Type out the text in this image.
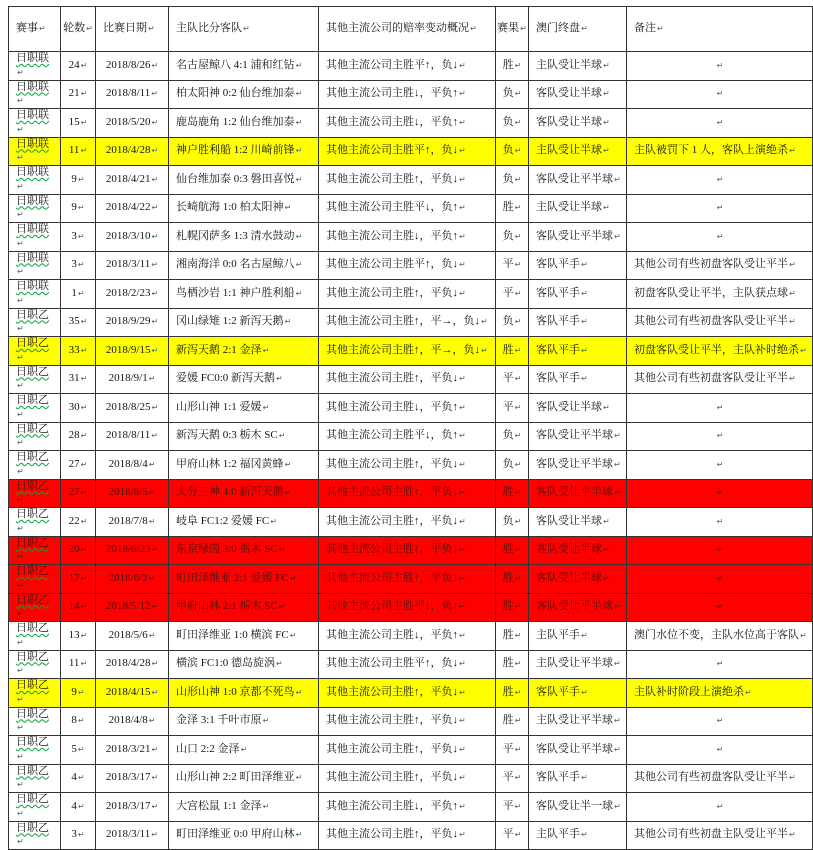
赛事↵	轮数↵	比赛日期↵	主队比分客队↵	其他主流公司的赔率变动概况↵	赛果↵	澳门终盘↵	备注↵
日职联↵	24↵	2018/8/26↵	名古屋鲸八 4:1 浦和红钻↵	其他主流公司主胜平↑，负↓↵	胜↵	主队受让半球↵	↵
日职联↵	21↵	2018/8/11↵	柏太阳神 0:2 仙台维加泰↵	其他主流公司主胜↓，平负↑↵	负↵	客队受让半球↵	↵
日职联↵	15↵	2018/5/20↵	鹿岛鹿角 1:2 仙台维加泰↵	其他主流公司主胜↓，平负↑↵	负↵	客队受让半球↵	↵
日职联↵	11↵	2018/4/28↵	神户胜利船 1:2 川崎前锋↵	其他主流公司主胜平↑，负↓↵	负↵	主队受让半球↵	主队被罚下 1 人，客队上演绝杀↵
日职联↵	9↵	2018/4/21↵	仙台维加泰 0:3 磐田喜悦↵	其他主流公司主胜↑，平负↓↵	负↵	客队受让平半球↵	↵
日职联↵	9↵	2018/4/22↵	长崎航海 1:0 柏太阳神↵	其他主流公司主胜平↓，负↑↵	胜↵	主队受让半球↵	↵
日职联↵	3↵	2018/3/10↵	札幌冈萨多 1:3 清水鼓动↵	其他主流公司主胜↓，平负↑↵	负↵	客队受让平半球↵	↵
日职联↵	3↵	2018/3/11↵	湘南海洋 0:0 名古屋鲸八↵	其他主流公司主胜平↑，负↓↵	平↵	客队平手↵	其他公司有些初盘客队受让平半↵
日职联↵	1↵	2018/2/23↵	鸟栖沙岩 1:1 神户胜利船↵	其他主流公司主胜↑，平负↓↵	平↵	客队平手↵	初盘客队受让平半，主队获点球↵
日职乙↵	35↵	2018/9/29↵	冈山绿雉 1:2 新泻天鹅↵	其他主流公司主胜↑，平→，负↓↵	负↵	客队平手↵	其他公司有些初盘客队受让平半↵
日职乙↵	33↵	2018/9/15↵	新泻天鹅 2:1 金泽↵	其他主流公司主胜↑，平→，负↓↵	胜↵	客队平手↵	初盘客队受让平半，主队补时绝杀↵
日职乙↵	31↵	2018/9/1↵	爱媛 FC0:0 新泻天鹅↵	其他主流公司主胜↑，平负↓↵	平↵	客队平手↵	其他公司有些初盘客队受让平半↵
日职乙↵	30↵	2018/8/25↵	山形山神 1:1 爱媛↵	其他主流公司主胜↓，平负↑↵	平↵	客队受让半球↵	↵
日职乙↵	28↵	2018/8/11↵	新泻天鹅 0:3 栃木 SC↵	其他主流公司主胜平↓，负↑↵	负↵	客队受让平半球↵	↵
日职乙↵	27↵	2018/8/4↵	甲府山林 1:2 福冈黄蜂↵	其他主流公司主胜↑，平负↓↵	负↵	客队受让平半球↵	↵
日职乙↵	27↵	2018/8/5↵	大分三神 4:0 新泻天鹅↵	其他主流公司主胜↑，平负↓↵	胜↵	客队受让平半球↵	↵
日职乙↵	22↵	2018/7/8↵	岐阜 FC1:2 爱媛 FC↵	其他主流公司主胜↑，平负↓↵	负↵	客队受让半球↵	↵
日职乙↵	20↵	2018/6/23↵	东京绿茵 3:0 栃木 SC↵	其他主流公司主胜↑，平负↓↵	胜↵	客队受让半球↵	↵
日职乙↵	17↵	2018/6/2↵	町田泽维亚 2:1 爱媛 FC↵	其他主流公司主胜↑，平负↓↵	胜↵	客队受让半球↵	↵
日职乙↵	14↵	2018/5/12↵	甲府山林 2:1 栃木 SC↵	其他主流公司主胜平↓，负↑↵	胜↵	客队受让平半球↵	↵
日职乙↵	13↵	2018/5/6↵	町田泽维亚 1:0 横滨 FC↵	其他主流公司主胜↓，平负↑↵	胜↵	主队平手↵	澳门水位不变，主队水位高于客队↵
日职乙↵	11↵	2018/4/28↵	横滨 FC1:0 德岛旋涡↵	其他主流公司主胜平↑，负↓↵	胜↵	主队受让平半球↵	↵
日职乙↵	9↵	2018/4/15↵	山形山神 1:0 京都不死鸟↵	其他主流公司主胜↑，平负↓↵	胜↵	客队平手↵	主队补时阶段上演绝杀↵
日职乙↵	8↵	2018/4/8↵	金泽 3:1 千叶市原↵	其他主流公司主胜↑，平负↓↵	胜↵	主队受让平半球↵	↵
日职乙↵	5↵	2018/3/21↵	山口 2:2 金泽↵	其他主流公司主胜↑，平负↓↵	平↵	客队受让平半球↵	↵
日职乙↵	4↵	2018/3/17↵	山形山神 2:2 町田泽维亚↵	其他主流公司主胜↑，平负↓↵	平↵	客队平手↵	其他公司有些初盘客队受让平半↵
日职乙↵	4↵	2018/3/17↵	大宫松鼠 1:1 金泽↵	其他主流公司主胜↓，平负↑↵	平↵	客队受让半一球↵	↵
日职乙↵	3↵	2018/3/11↵	町田泽维亚 0:0 甲府山林↵	其他主流公司主胜↑，平负↓↵	平↵	主队平手↵	其他公司有些初盘主队受让平半↵
